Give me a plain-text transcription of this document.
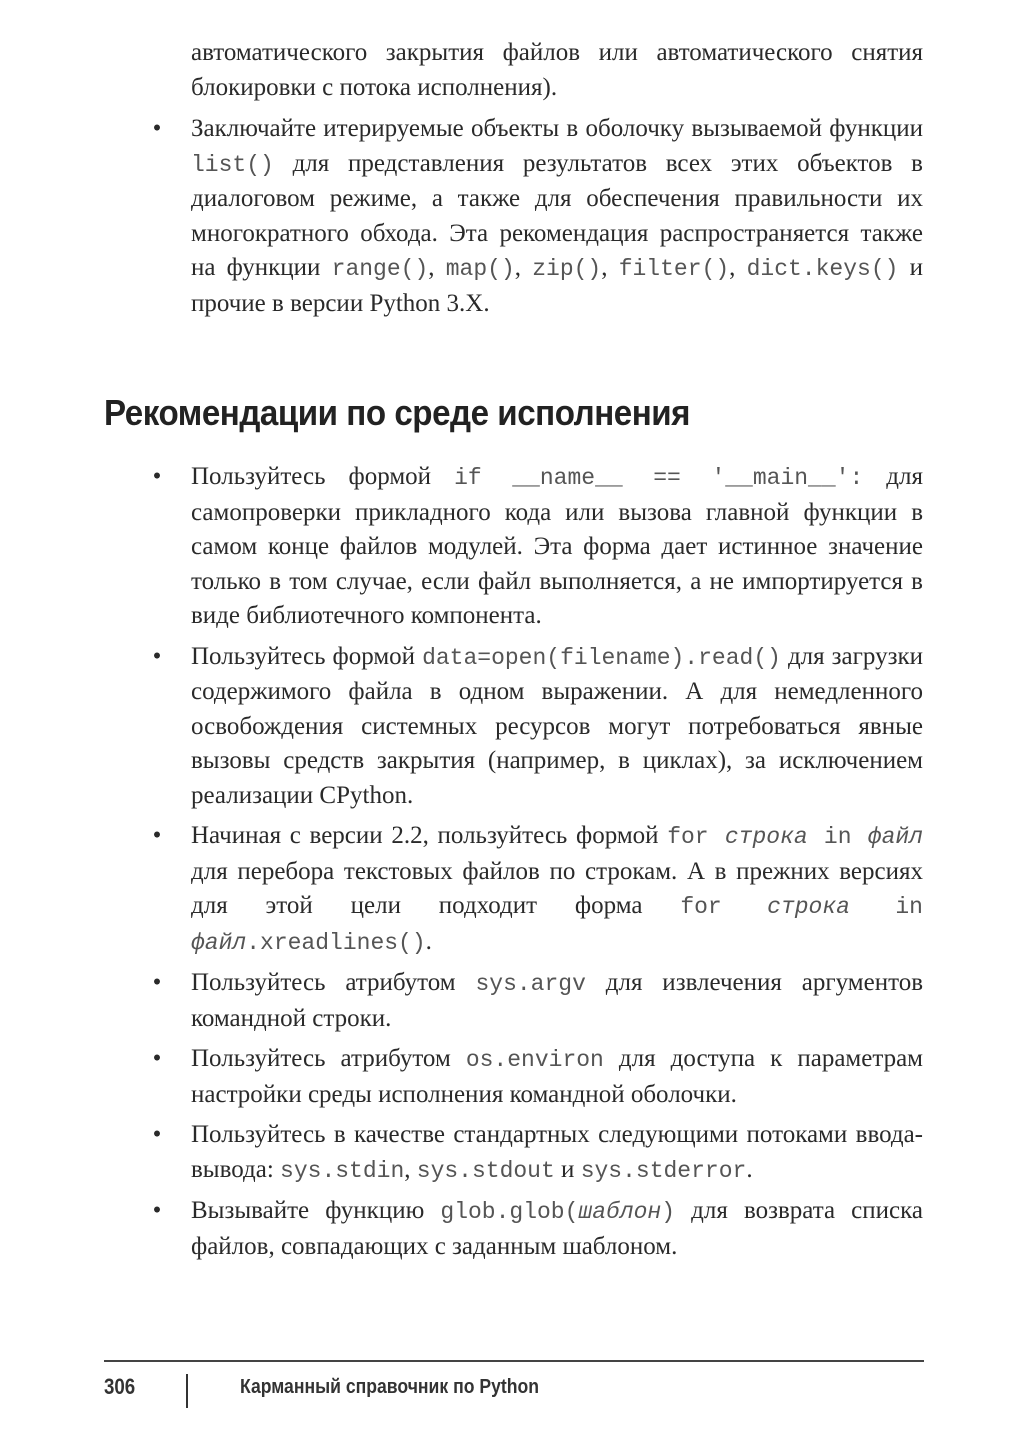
автоматического закрытия файлов или автоматического снятия блокировки с потока исполнения).

• Заключайте итерируемые объекты в оболочку вызываемой функции list() для представления результатов всех этих объектов в диалоговом режиме, а также для обеспечения правильности их многократного обхода. Эта рекомендация распространяется также на функции range(), map(), zip(), filter(), dict.keys() и прочие в версии Python 3.X.
Рекомендации по среде исполнения
• Пользуйтесь формой if __name__ == '__main__': для самопроверки прикладного кода или вызова главной функции в самом конце файлов модулей. Эта форма дает истинное значение только в том случае, если файл выполняется, а не импортируется в виде библиотечного компонента.
• Пользуйтесь формой data=open(filename).read() для загрузки содержимого файла в одном выражении. А для немедленного освобождения системных ресурсов могут потребоваться явные вызовы средств закрытия (например, в циклах), за исключением реализации CPython.
• Начиная с версии 2.2, пользуйтесь формой for строка in файл для перебора текстовых файлов по строкам. А в прежних версиях для этой цели подходит форма for строка in файл.xreadlines().
• Пользуйтесь атрибутом sys.argv для извлечения аргументов командной строки.
• Пользуйтесь атрибутом os.environ для доступа к параметрам настройки среды исполнения командной оболочки.
• Пользуйтесь в качестве стандартных следующими потоками ввода-вывода: sys.stdin, sys.stdout и sys.stderror.
• Вызывайте функцию glob.glob(шаблон) для возврата списка файлов, совпадающих с заданным шаблоном.
306	Карманный справочник по Python
